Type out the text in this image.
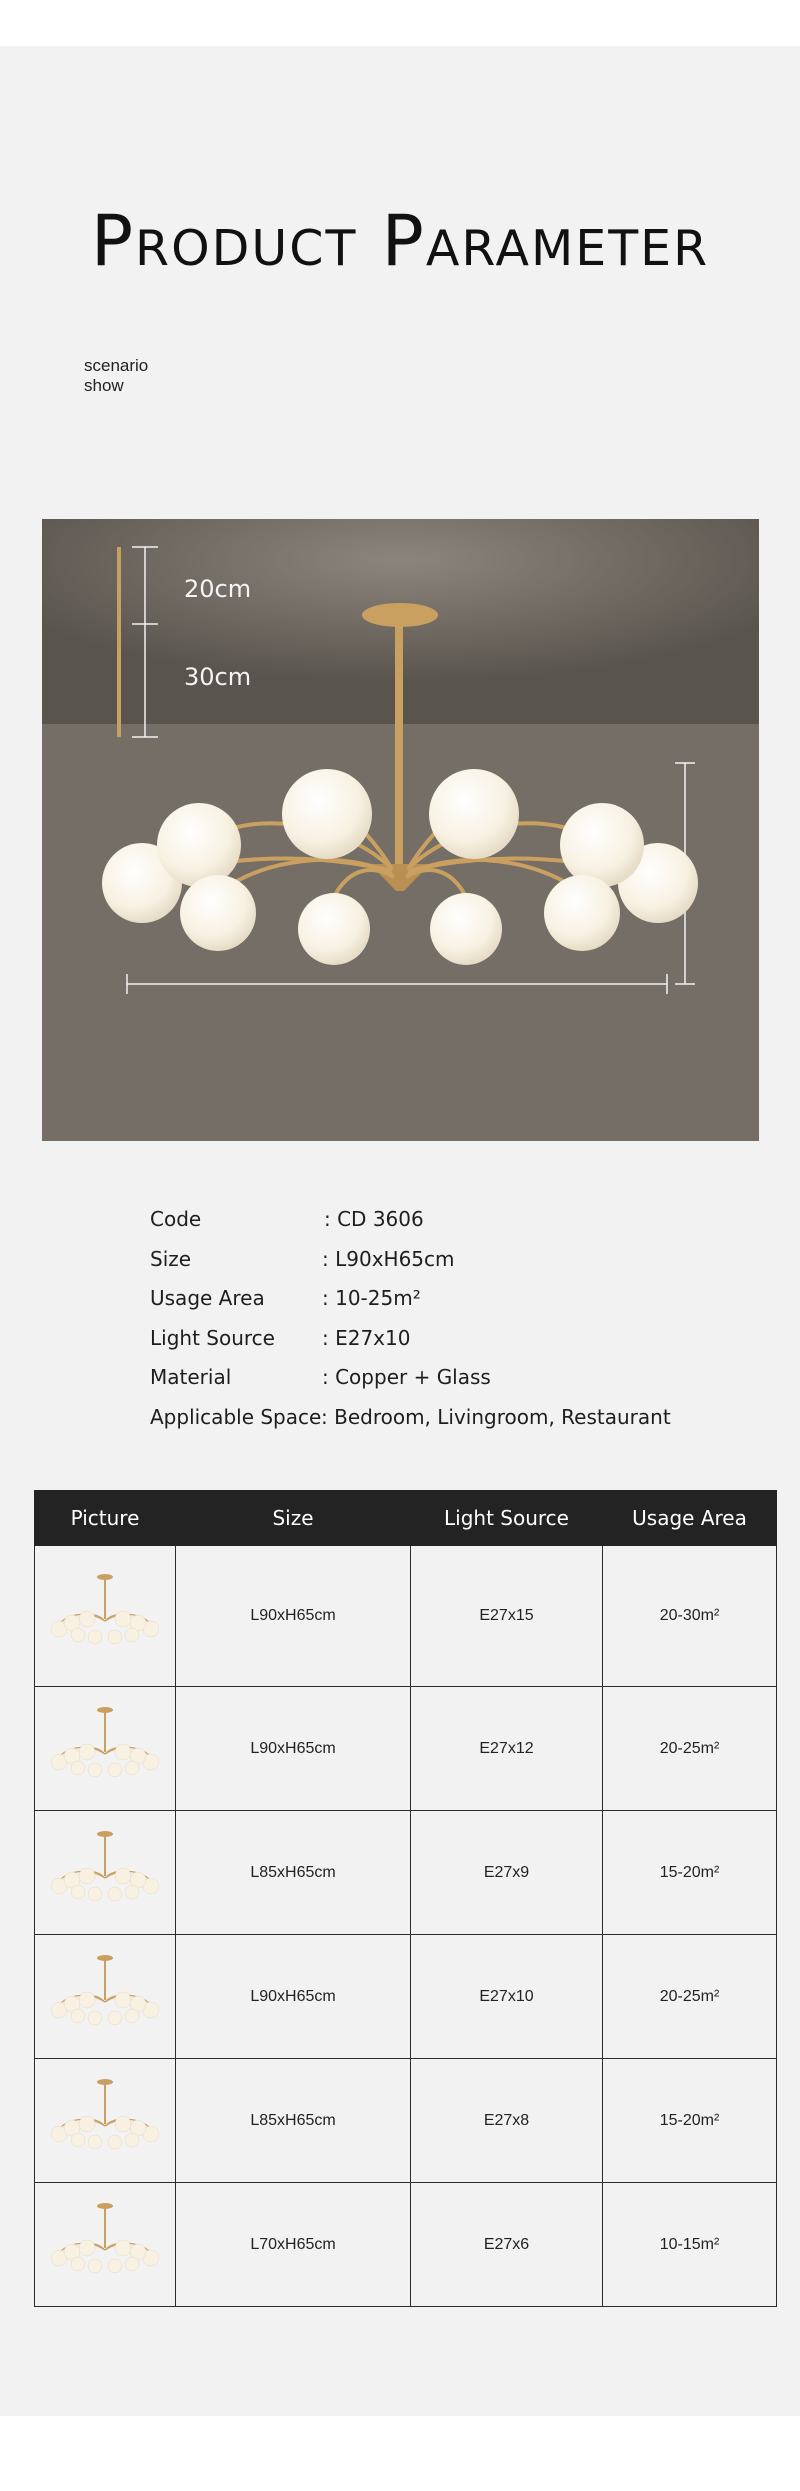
Product Parameter
scenario
show
20cm
30cm
Code	: CD 3606
Size	: L90xH65cm
Usage Area	: 10-25m²
Light Source : E27x10
Material	: Copper + Glass
Applicable Space : Bedroom, Livingroom, Restaurant
Picture	Size	Light Source	Usage Area

	L90xH65cm	E27x15	20-30m²

	L90xH65cm	E27x12	20-25m²

	L85xH65cm	E27x9	15-20m²

	L90xH65cm	E27x10	20-25m²

	L85xH65cm	E27x8	15-20m²

	L70xH65cm	E27x6	10-15m²
